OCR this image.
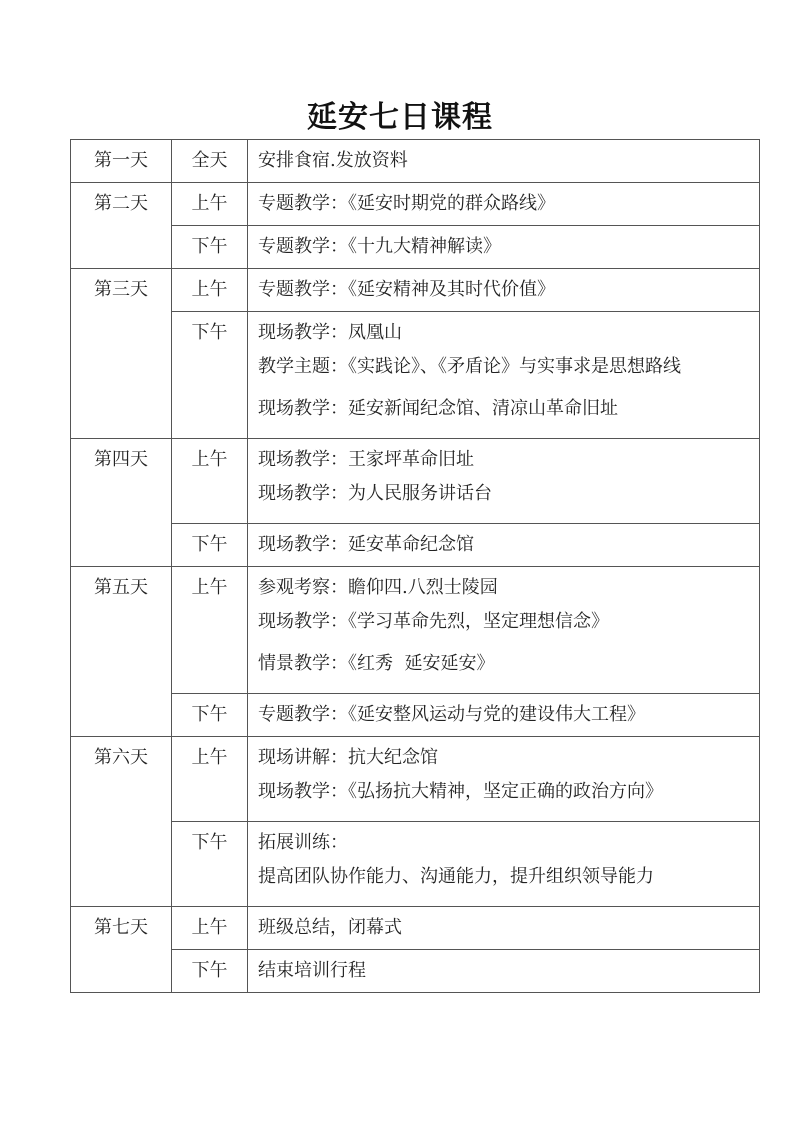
延安七日课程
第一天	全天	安排食宿.发放资料

第二天	上午	专题教学：《延安时期党的群众路线》

	下午	专题教学：《十九大精神解读》

第三天	上午	专题教学：《延安精神及其时代价值》

	下午	现场教学：凤凰山
教学主题：《实践论》、《矛盾论》与实事求是思想路线
现场教学：延安新闻纪念馆、清凉山革命旧址

第四天	上午	现场教学：王家坪革命旧址
现场教学：为人民服务讲话台

	下午	现场教学：延安革命纪念馆

第五天	上午	参观考察：瞻仰四.八烈士陵园
现场教学：《学习革命先烈，坚定理想信念》
情景教学：《红秀  延安延安》

	下午	专题教学：《延安整风运动与党的建设伟大工程》

第六天	上午	现场讲解：抗大纪念馆
现场教学：《弘扬抗大精神，坚定正确的政治方向》

	下午	拓展训练：
提高团队协作能力、沟通能力，提升组织领导能力

第七天	上午	班级总结，闭幕式

	下午	结束培训行程
